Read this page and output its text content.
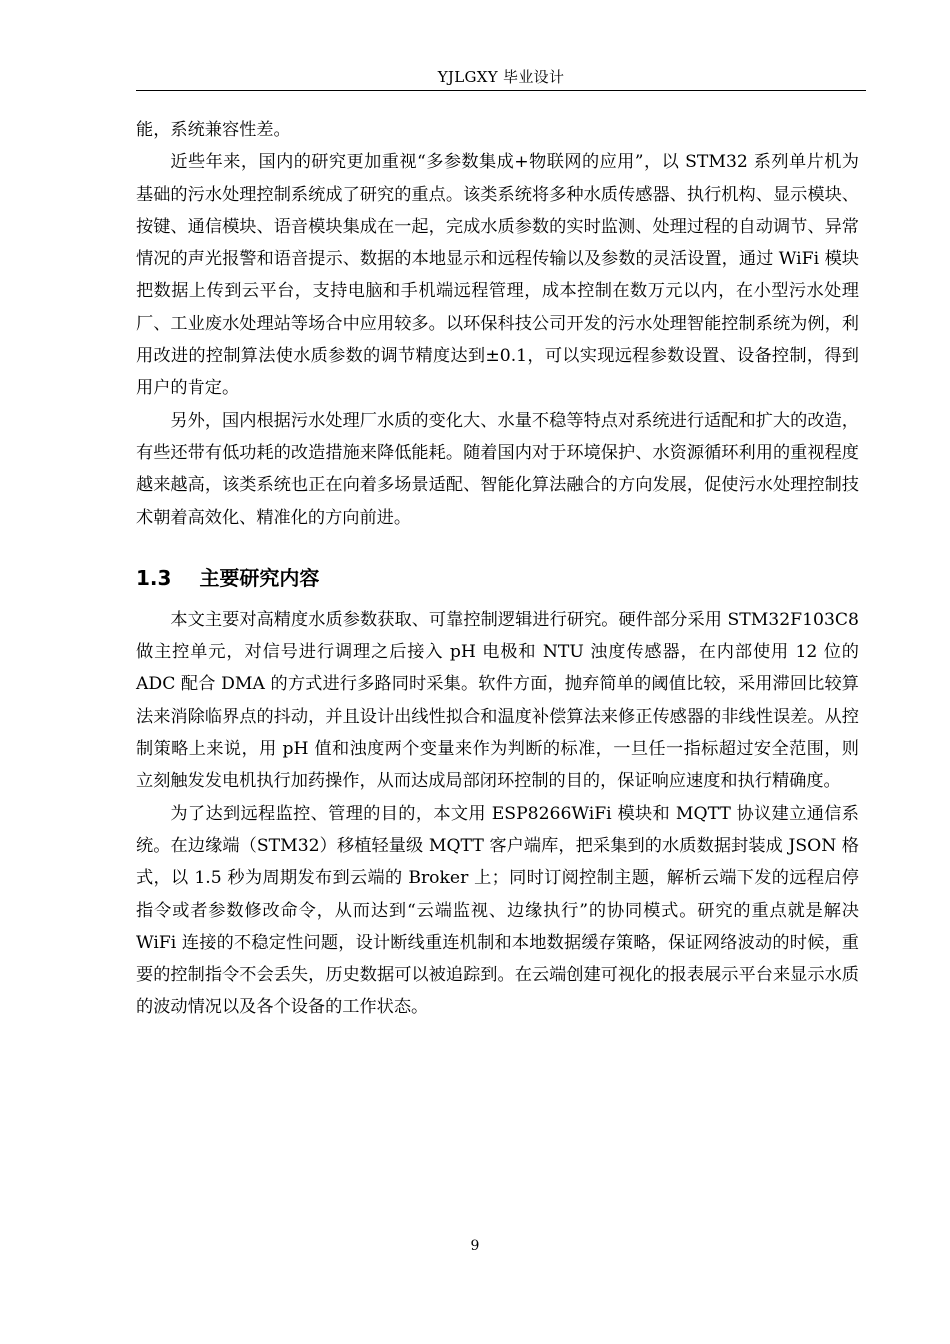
YJLGXY 毕业设计

能，系统兼容性差。

近些年来，国内的研究更加重视“多参数集成+物联网的应用”，以 STM32 系列单片机为基础的污水处理控制系统成了研究的重点。该类系统将多种水质传感器、执行机构、显示模块、按键、通信模块、语音模块集成在一起，完成水质参数的实时监测、处理过程的自动调节、异常情况的声光报警和语音提示、数据的本地显示和远程传输以及参数的灵活设置，通过 WiFi 模块把数据上传到云平台，支持电脑和手机端远程管理，成本控制在数万元以内，在小型污水处理厂、工业废水处理站等场合中应用较多。以环保科技公司开发的污水处理智能控制系统为例，利用改进的控制算法使水质参数的调节精度达到±0.1，可以实现远程参数设置、设备控制，得到用户的肯定。

另外，国内根据污水处理厂水质的变化大、水量不稳等特点对系统进行适配和扩大的改造，有些还带有低功耗的改造措施来降低能耗。随着国内对于环境保护、水资源循环利用的重视程度越来越高，该类系统也正在向着多场景适配、智能化算法融合的方向发展，促使污水处理控制技术朝着高效化、精准化的方向前进。

1.3 主要研究内容

本文主要对高精度水质参数获取、可靠控制逻辑进行研究。硬件部分采用 STM32F103C8 做主控单元，对信号进行调理之后接入 pH 电极和 NTU 浊度传感器，在内部使用 12 位的 ADC 配合 DMA 的方式进行多路同时采集。软件方面，抛弃简单的阈值比较，采用滞回比较算法来消除临界点的抖动，并且设计出线性拟合和温度补偿算法来修正传感器的非线性误差。从控制策略上来说，用 pH 值和浊度两个变量来作为判断的标准，一旦任一指标超过安全范围，则立刻触发发电机执行加药操作，从而达成局部闭环控制的目的，保证响应速度和执行精确度。

为了达到远程监控、管理的目的，本文用 ESP8266WiFi 模块和 MQTT 协议建立通信系统。在边缘端（STM32）移植轻量级 MQTT 客户端库，把采集到的水质数据封装成 JSON 格式，以 1.5 秒为周期发布到云端的 Broker 上；同时订阅控制主题，解析云端下发的远程启停指令或者参数修改命令，从而达到“云端监视、边缘执行”的协同模式。研究的重点就是解决 WiFi 连接的不稳定性问题，设计断线重连机制和本地数据缓存策略，保证网络波动的时候，重要的控制指令不会丢失，历史数据可以被追踪到。在云端创建可视化的报表展示平台来显示水质的波动情况以及各个设备的工作状态。

9
